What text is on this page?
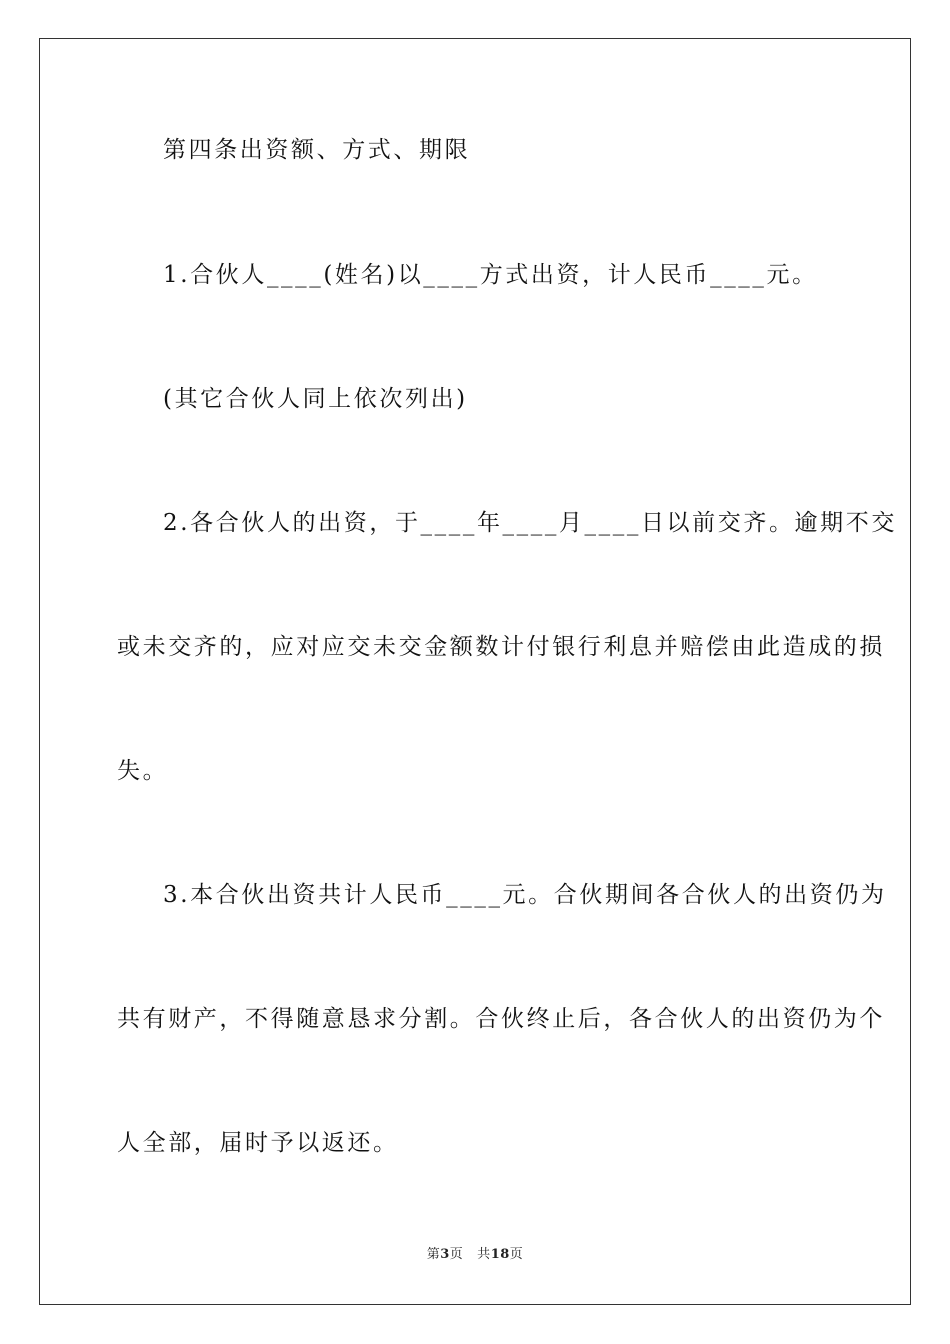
第四条出资额、方式、期限
1.合伙人____(姓名)以____方式出资，计人民币____元。
(其它合伙人同上依次列出)
2.各合伙人的出资，于____年____月____日以前交齐。逾期不交
或未交齐的，应对应交未交金额数计付银行利息并赔偿由此造成的损
失。
3.本合伙出资共计人民币____元。合伙期间各合伙人的出资仍为
共有财产，不得随意恳求分割。合伙终止后，各合伙人的出资仍为个
人全部，届时予以返还。
第3页 共18页
